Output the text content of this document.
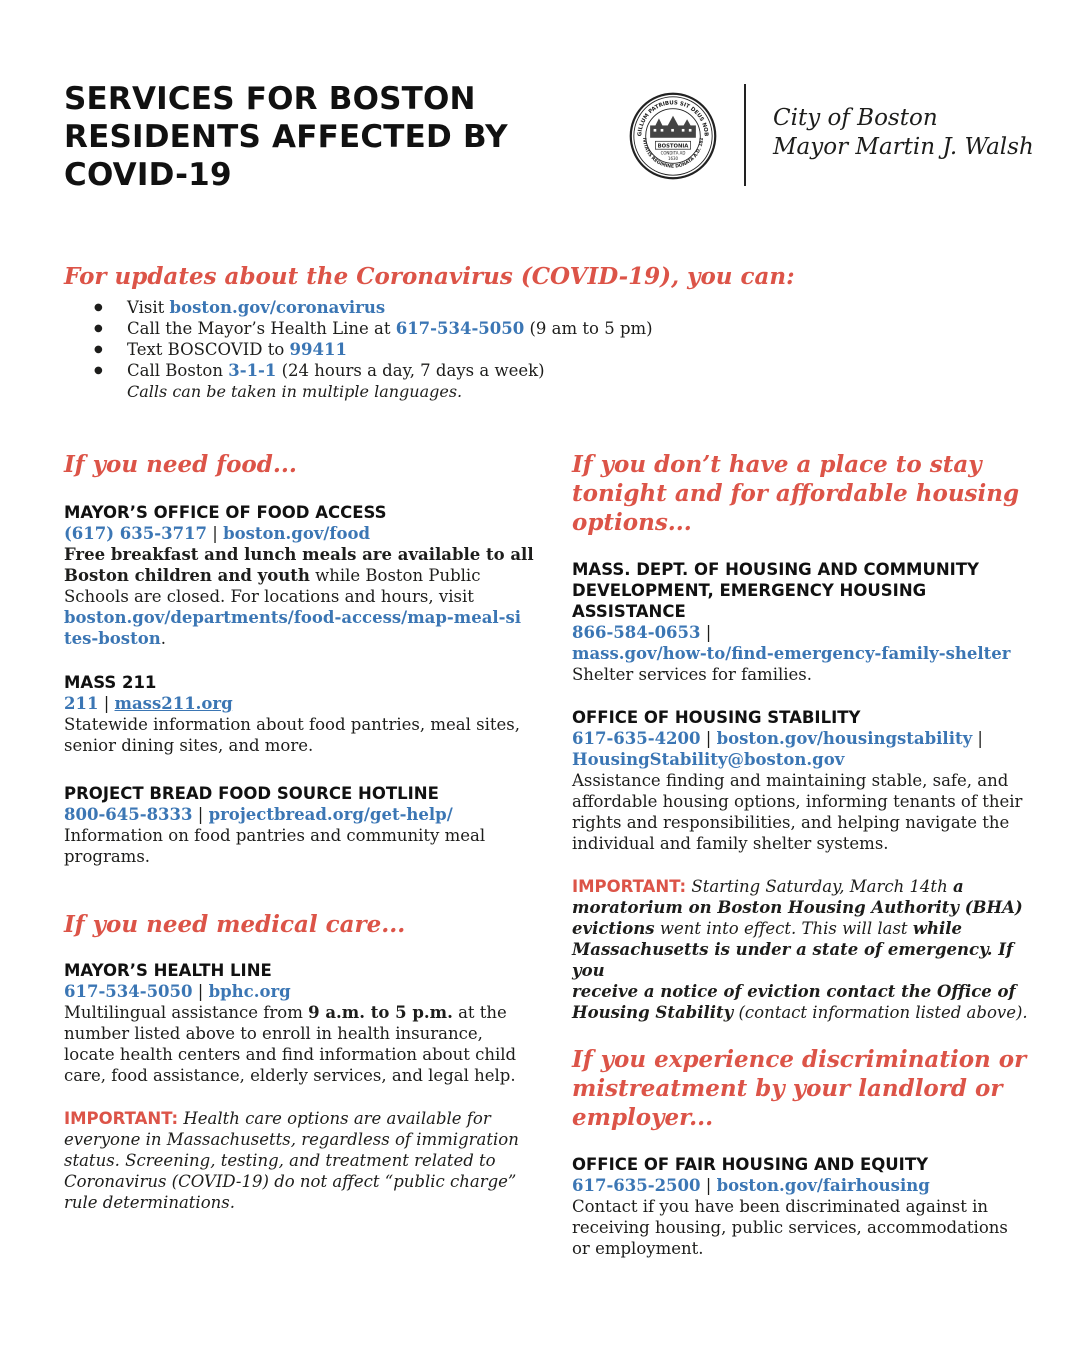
SERVICES FOR BOSTON
RESIDENTS AFFECTED BY
COVID-19
GILLUM PATRIBUS SIT DEUS NOB
IVITATIS REGIMINE DONATA A.D. 182
BOSTONIA
CONDITA AD
1630
City of Boston
Mayor Martin J. Walsh
For updates about the Coronavirus (COVID-19), you can:
● Visit boston.gov/coronavirus
● Call the Mayor’s Health Line at 617-534-5050 (9 am to 5 pm)
● Text BOSCOVID to 99411
● Call Boston 3-1-1 (24 hours a day, 7 days a week)
Calls can be taken in multiple languages.
If you need food...

MAYOR’S OFFICE OF FOOD ACCESS

(617) 635-3717 | boston.gov/food

Free breakfast and lunch meals are available to all
Boston children and youth while Boston Public
Schools are closed. For locations and hours, visit
boston.gov/departments/food-access/map-meal-si
tes-boston.

MASS 211

211 | mass211.org

Statewide information about food pantries, meal sites,
senior dining sites, and more.

PROJECT BREAD FOOD SOURCE HOTLINE

800-645-8333 | projectbread.org/get-help/

Information on food pantries and community meal
programs.

If you need medical care...

MAYOR’S HEALTH LINE

617-534-5050 | bphc.org

Multilingual assistance from 9 a.m. to 5 p.m. at the
number listed above to enroll in health insurance,
locate health centers and find information about child
care, food assistance, elderly services, and legal help.

IMPORTANT: Health care options are available for
everyone in Massachusetts, regardless of immigration
status. Screening, testing, and treatment related to
Coronavirus (COVID-19) do not affect “public charge”
rule determinations.

If you don’t have a place to stay
tonight and for affordable housing
options...

MASS. DEPT. OF HOUSING AND COMMUNITY
DEVELOPMENT, EMERGENCY HOUSING
ASSISTANCE

866-584-0653 |
mass.gov/how-to/find-emergency-family-shelter

Shelter services for families.

OFFICE OF HOUSING STABILITY

617-635-4200 | boston.gov/housingstability |
HousingStability@boston.gov

Assistance finding and maintaining stable, safe, and
affordable housing options, informing tenants of their
rights and responsibilities, and helping navigate the
individual and family shelter systems.

IMPORTANT: Starting Saturday, March 14th a
moratorium on Boston Housing Authority (BHA)
evictions went into effect. This will last while
Massachusetts is under a state of emergency. If you
receive a notice of eviction contact the Office of
Housing Stability (contact information listed above).

If you experience discrimination or
mistreatment by your landlord or
employer...

OFFICE OF FAIR HOUSING AND EQUITY

617-635-2500 | boston.gov/fairhousing

Contact if you have been discriminated against in
receiving housing, public services, accommodations
or employment.
